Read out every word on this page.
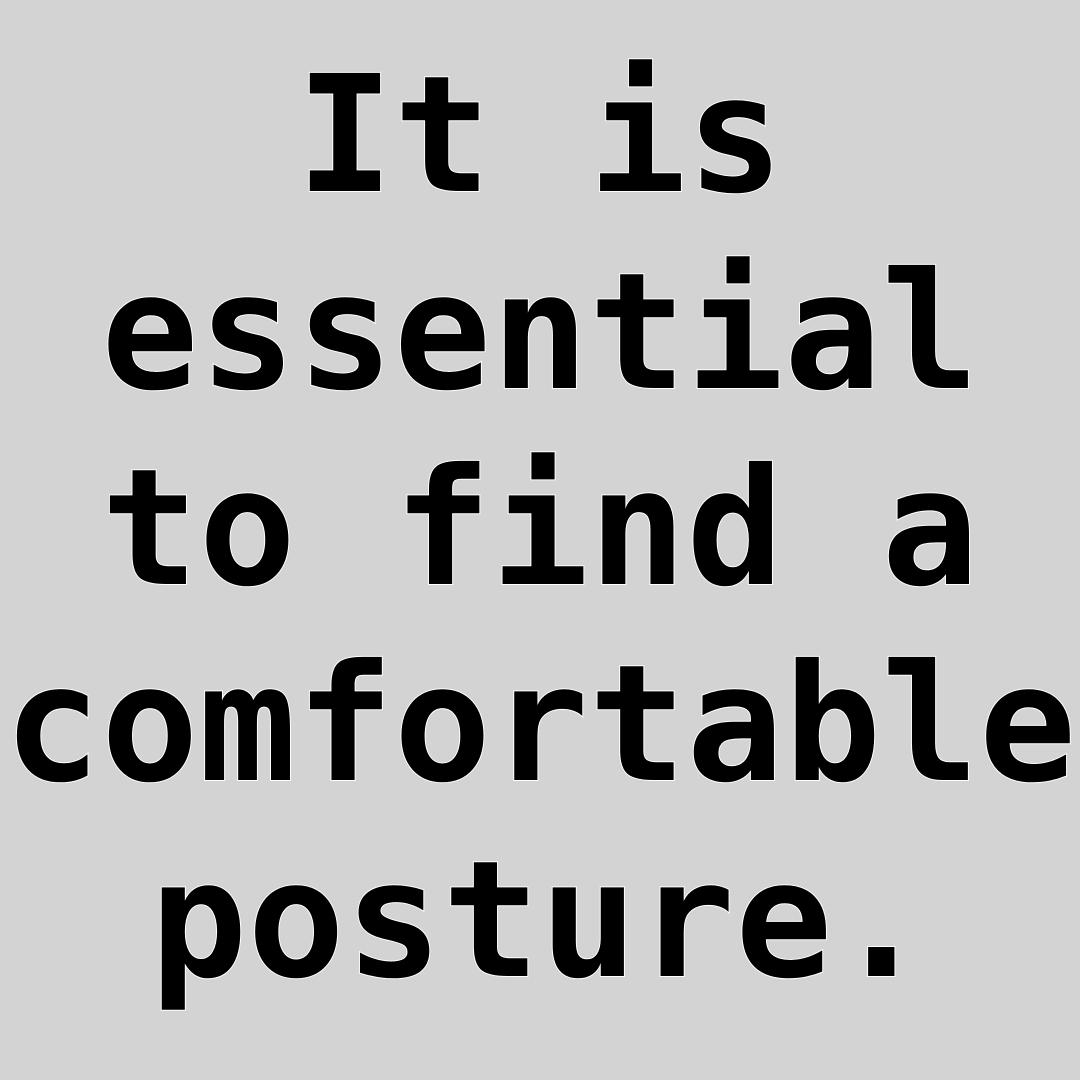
It is
essential
to find a
comfortable
posture.
